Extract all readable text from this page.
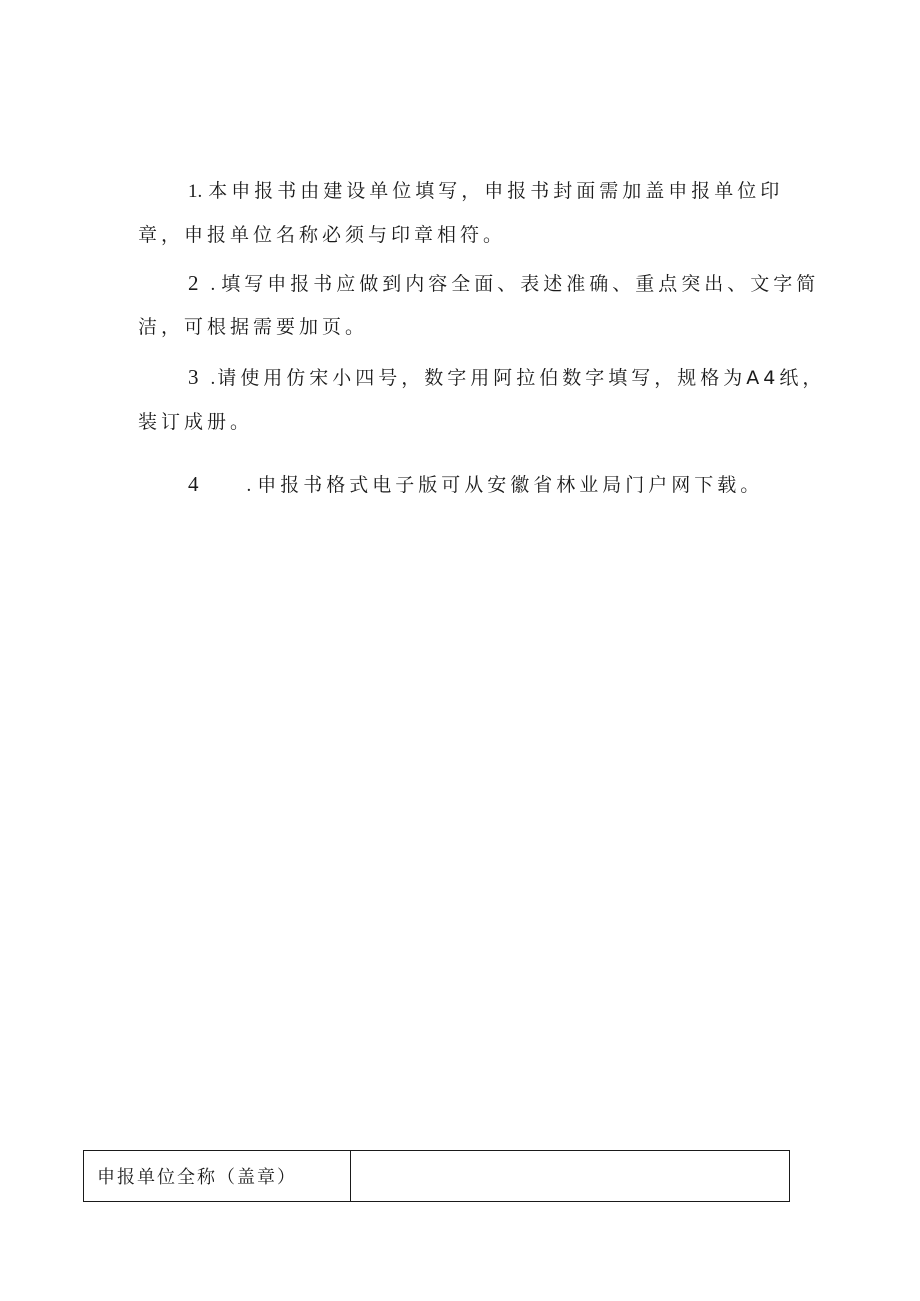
1. 本申报书由建设单位填写，申报书封面需加盖申报单位印
章，申报单位名称必须与印章相符。
2 . 填写申报书应做到内容全面、表述准确、重点突出、文字简
洁，可根据需要加页。
3 . 请使用仿宋小四号，数字用阿拉伯数字填写，规格为A4纸，
装订成册。
4	. 申报书格式电子版可从安徽省林业局门户网下载。
申报单位全称（盖章）	
